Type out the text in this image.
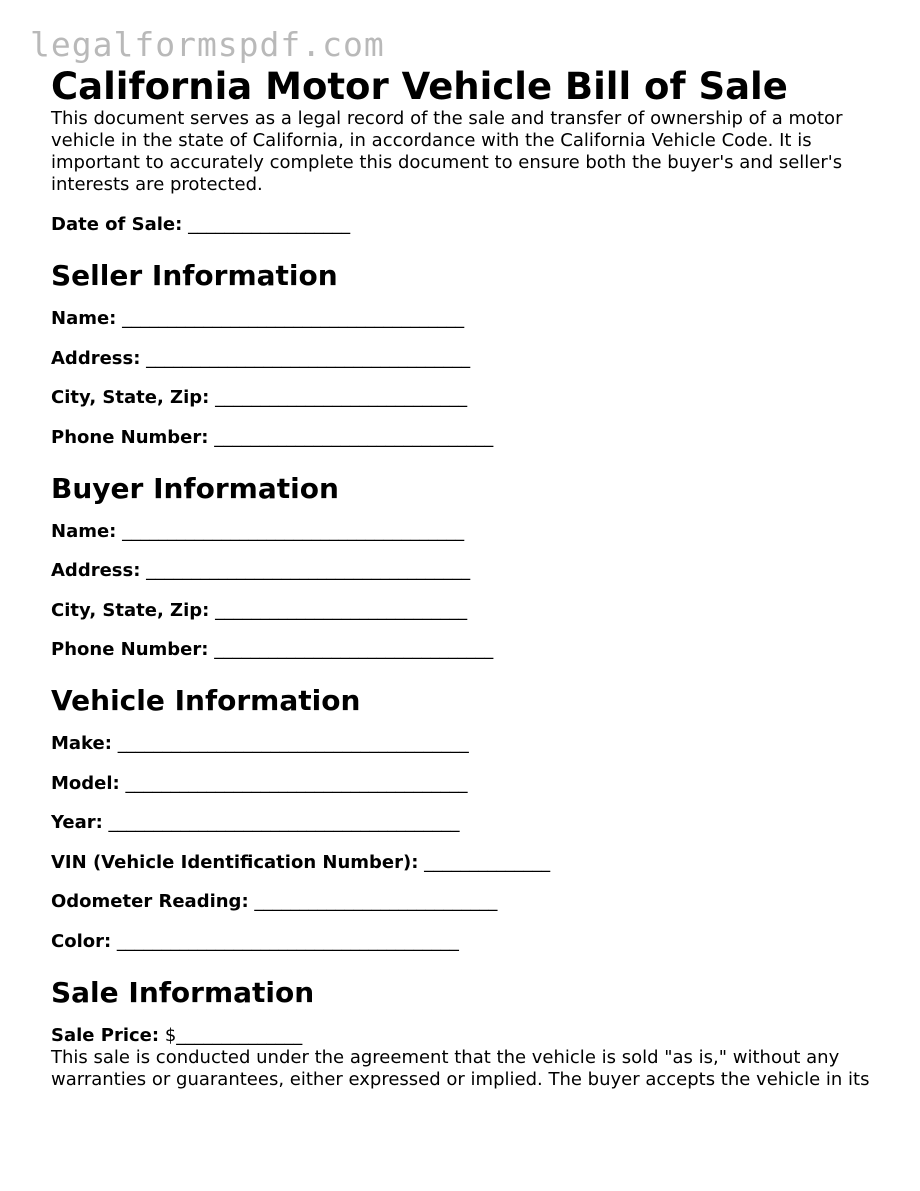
legalformspdf.com
California Motor Vehicle Bill of Sale

This document serves as a legal record of the sale and transfer of ownership of a motor vehicle in the state of California, in accordance with the California Vehicle Code. It is important to accurately complete this document to ensure both the buyer's and seller's interests are protected.

Date of Sale: __________________
Seller Information
Name: ______________________________________
Address: ____________________________________
City, State, Zip: ____________________________
Phone Number: _______________________________
Buyer Information
Name: ______________________________________
Address: ____________________________________
City, State, Zip: ____________________________
Phone Number: _______________________________
Vehicle Information
Make: _______________________________________
Model: ______________________________________
Year: _______________________________________
VIN (Vehicle Identification Number): ______________
Odometer Reading: ___________________________
Color: ______________________________________
Sale Information
Sale Price: $______________

This sale is conducted under the agreement that the vehicle is sold "as is," without any warranties or guarantees, either expressed or implied. The buyer accepts the vehicle in its
